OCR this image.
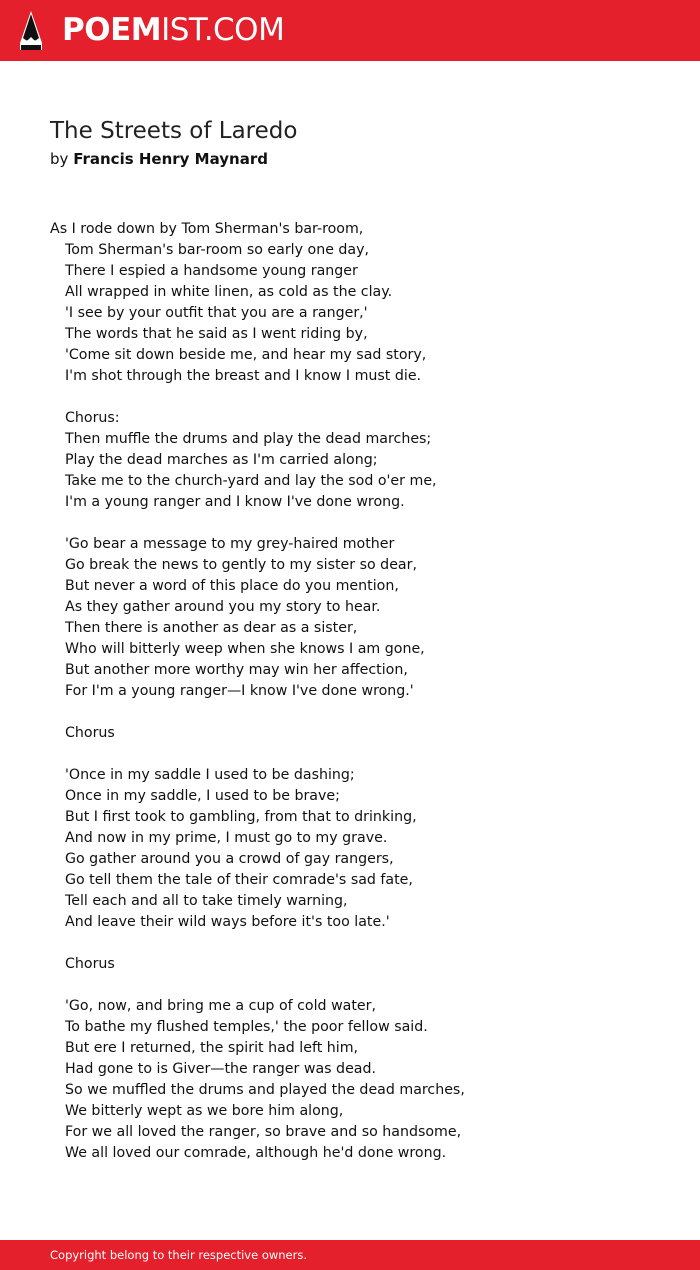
POEMIST.COM
The Streets of Laredo
by Francis Henry Maynard
As I rode down by Tom Sherman's bar-room,
Tom Sherman's bar-room so early one day,
There I espied a handsome young ranger
All wrapped in white linen, as cold as the clay.
'I see by your outfit that you are a ranger,'
The words that he said as I went riding by,
'Come sit down beside me, and hear my sad story,
I'm shot through the breast and I know I must die.
Chorus:
Then muffle the drums and play the dead marches;
Play the dead marches as I'm carried along;
Take me to the church-yard and lay the sod o'er me,
I'm a young ranger and I know I've done wrong.
'Go bear a message to my grey-haired mother
Go break the news to gently to my sister so dear,
But never a word of this place do you mention,
As they gather around you my story to hear.
Then there is another as dear as a sister,
Who will bitterly weep when she knows I am gone,
But another more worthy may win her affection,
For I'm a young ranger—I know I've done wrong.'
Chorus
'Once in my saddle I used to be dashing;
Once in my saddle, I used to be brave;
But I first took to gambling, from that to drinking,
And now in my prime, I must go to my grave.
Go gather around you a crowd of gay rangers,
Go tell them the tale of their comrade's sad fate,
Tell each and all to take timely warning,
And leave their wild ways before it's too late.'
Chorus
'Go, now, and bring me a cup of cold water,
To bathe my flushed temples,' the poor fellow said.
But ere I returned, the spirit had left him,
Had gone to is Giver—the ranger was dead.
So we muffled the drums and played the dead marches,
We bitterly wept as we bore him along,
For we all loved the ranger, so brave and so handsome,
We all loved our comrade, although he'd done wrong.
Copyright belong to their respective owners.
